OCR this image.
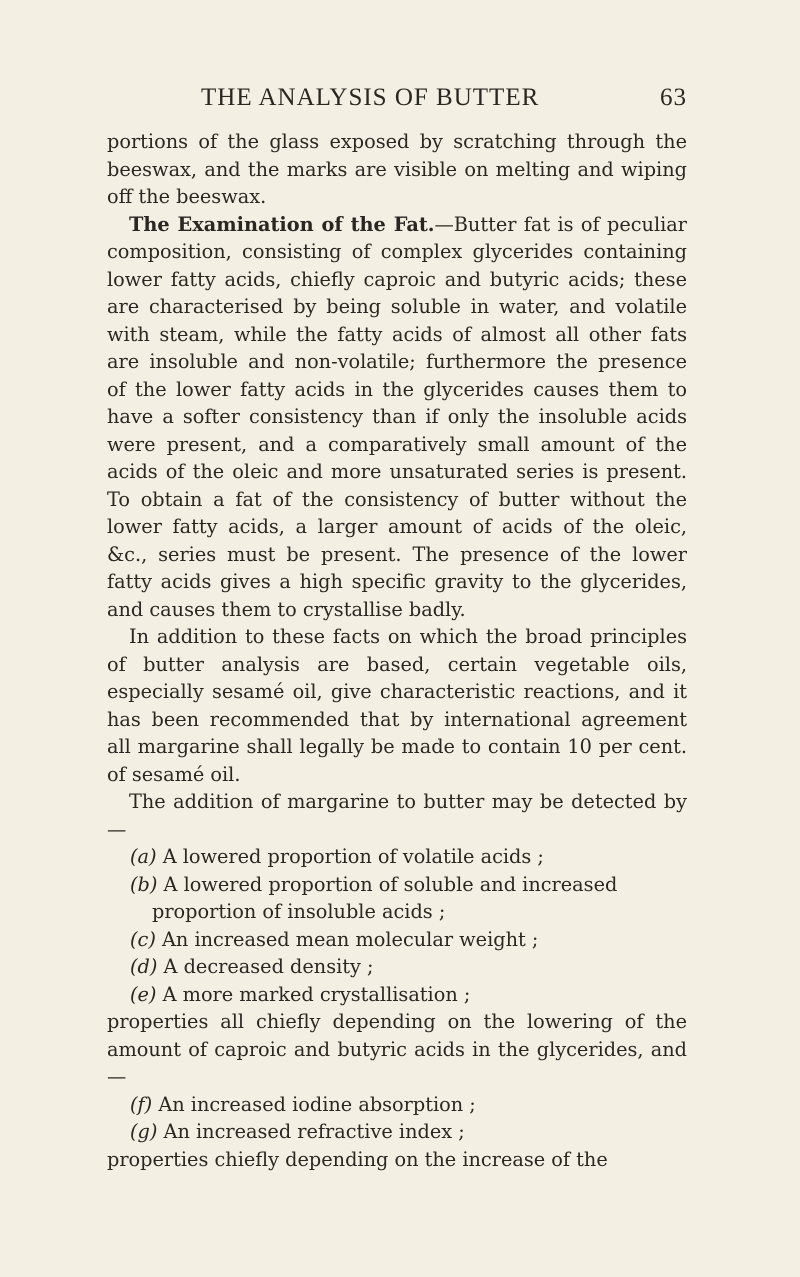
THE ANALYSIS OF BUTTER	63

portions of the glass exposed by scratching through the beeswax, and the marks are visible on melting and wiping off the beeswax.

The Examination of the Fat.—Butter fat is of peculiar composition, consisting of complex glycerides containing lower fatty acids, chiefly caproic and butyric acids; these are characterised by being soluble in water, and volatile with steam, while the fatty acids of almost all other fats are insoluble and non-volatile; furthermore the presence of the lower fatty acids in the glycerides causes them to have a softer consistency than if only the insoluble acids were present, and a comparatively small amount of the acids of the oleic and more unsaturated series is present. To obtain a fat of the consistency of butter without the lower fatty acids, a larger amount of acids of the oleic, &c., series must be present. The presence of the lower fatty acids gives a high specific gravity to the glycerides, and causes them to crystallise badly.

In addition to these facts on which the broad principles of butter analysis are based, certain vegetable oils, especially sesamé oil, give characteristic reactions, and it has been recommended that by international agreement all margarine shall legally be made to contain 10 per cent. of sesamé oil.

The addition of margarine to butter may be detected by—

(a) A lowered proportion of volatile acids ;
(b) A lowered proportion of soluble and increased proportion of insoluble acids ;
(c) An increased mean molecular weight ;
(d) A decreased density ;
(e) A more marked crystallisation ;

properties all chiefly depending on the lowering of the amount of caproic and butyric acids in the glycerides, and—

(f) An increased iodine absorption ;
(g) An increased refractive index ;

properties chiefly depending on the increase of the
